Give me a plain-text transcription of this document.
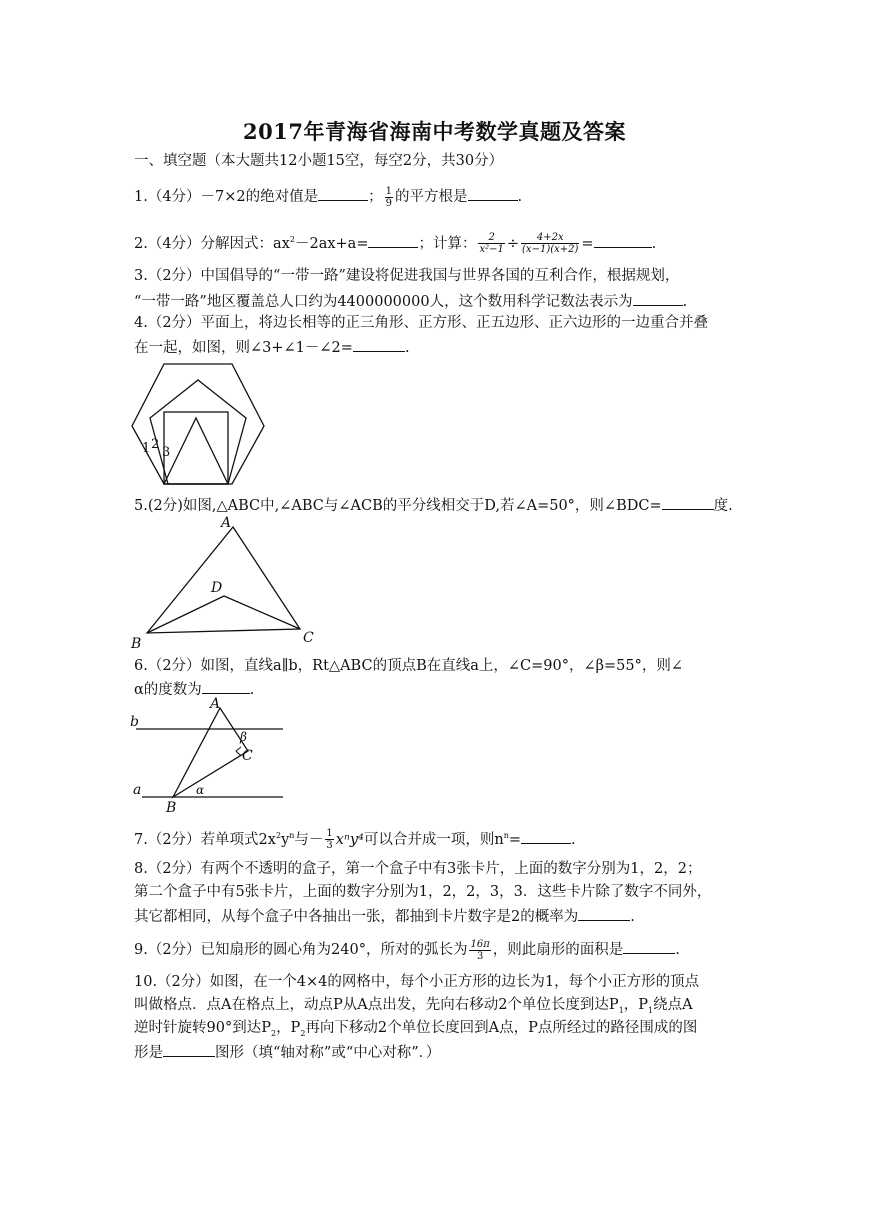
2017年青海省海南中考数学真题及答案
一、填空题（本大题共12小题15空，每空2分，共30分）
1.（4分）－7×2的绝对值是	； $\frac{1}{9}$ 的平方根是	.
2.（4分）分解因式：$ax^2-2ax+a=$	；计算： $\frac{2}{\text{x²−1}} \div \frac{4+2x}{(x-1)(x+2)}$ =	.
3.（2分）中国倡导的“一带一路”建设将促进我国与世界各国的互利合作，根据规划，
“一带一路”地区覆盖总人口约为4400000000人，这个数用科学记数法表示为	.
4.（2分）平面上，将边长相等的正三角形、正方形、正五边形、正六边形的一边重合并叠
在一起，如图，则∠3+∠1－∠2=	.
1 2
3
5.(2分)如图,△ABC中,∠ABC与∠ACB的平分线相交于D,若∠A=50°，则∠BDC=	度.
A
B	C
D
6.（2分）如图，直线a∥b，Rt△ABC的顶点B在直线a上，∠C=90°，∠β=55°，则∠
α的度数为	.
A
B
C
b
a	α
β
7.（2分）若单项式$2x^2y^n$与－ $\frac{1}{3} x^ny^4$可以合并成一项，则$n^n=$	.
8.（2分）有两个不透明的盒子，第一个盒子中有3张卡片，上面的数字分别为1，2，2；
第二个盒子中有5张卡片，上面的数字分别为1，2，2，3，3．这些卡片除了数字不同外，
其它都相同，从每个盒子中各抽出一张，都抽到卡片数字是2的概率为	.
9.（2分）已知扇形的圆心角为240°，所对的弧长为 $\frac{16\pi}{3}$ ，则此扇形的面积是	.
10.（2分）如图，在一个4×4的网格中，每个小正方形的边长为1，每个小正方形的顶点
叫做格点．点A在格点上，动点P从A点出发，先向右移动2个单位长度到达$P_1$，$P_1$绕点A
逆时针旋转90°到达$P_2$，$P_2$再向下移动2个单位长度回到A点，P点所经过的路径围成的图
形是	图形（填“轴对称”或“中心对称”．）
